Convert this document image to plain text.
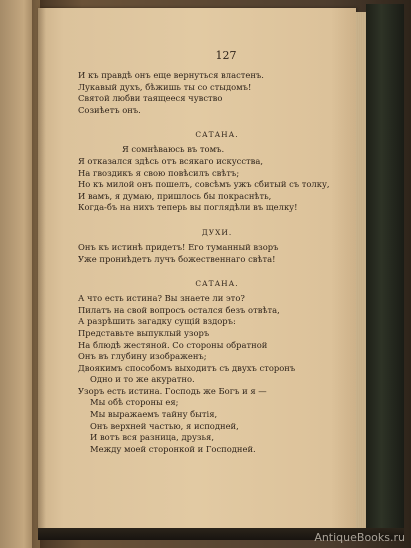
127
И къ правдѣ онъ еще вернуться властенъ.
Лукавый духъ, бѣжишь ты со стыдомъ!
Святой любви таящееся чувство
Созиѣетъ онъ.
САТАНА.
Я сомнѣваюсь въ томъ.
Я отказался здѣсь отъ всякаго искусства,
На гвоздикъ я свою повѣсилъ свѣтъ;
Но къ милой онъ пошелъ, совсѣмъ ужъ сбитый съ толку,
И вамъ, я думаю, пришлось бы покраснѣть,
Когда-бъ на нихъ теперь вы поглядѣли въ щелку!
ДУХИ.
Онъ къ истинѣ придетъ! Его туманный взоръ
Уже прониѣдетъ лучъ божественнаго свѣта!
САТАНА.
А что есть истина? Вы знаете ли это?
Пилатъ на свой вопросъ остался безъ отвѣта,
А разрѣшить загадку сущій вздоръ:
Представьте выпуклый узоръ
На блюдѣ жестяной. Со стороны обратной
Онъ въ глубину изображенъ;
Двоякимъ способомъ выходитъ съ двухъ сторонъ
Одно и то же акуратно.
Узоръ есть истина. Господь же Богъ и я —
Мы обѣ стороны ея;
Мы выражаемъ тайну бытія,
Онъ верхней частью, я исподней,
И вотъ вся разница, друзья,
Между моей сторонкой и Господней.
AntiqueBooks.ru
